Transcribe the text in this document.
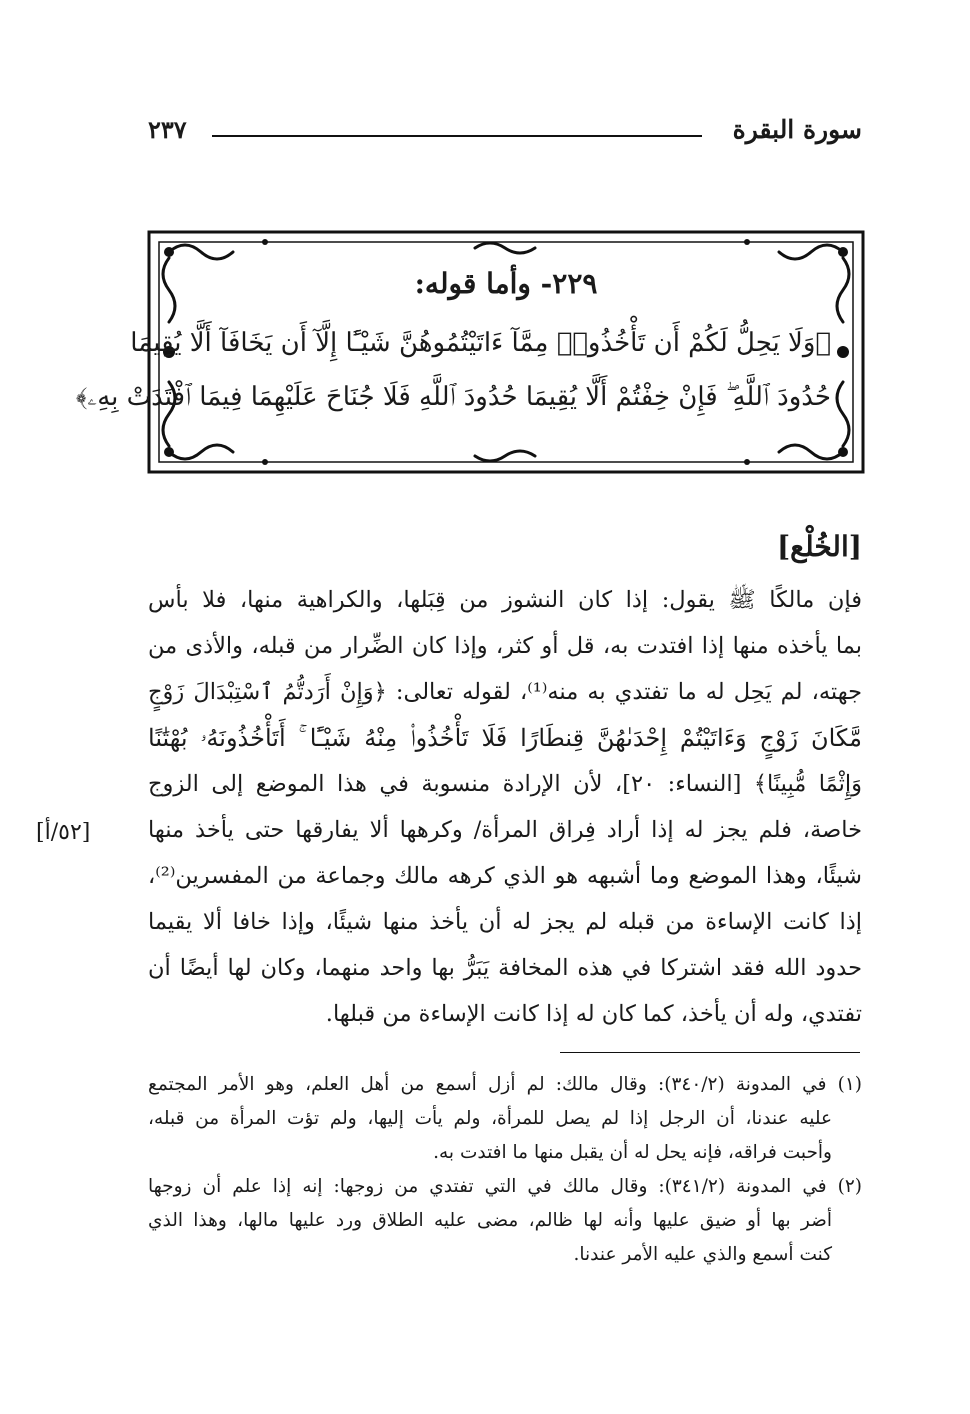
سورة البقرة
٢٣٧
٢٢٩- وأما قوله:
﴿وَلَا يَحِلُّ لَكُمْ أَن تَأْخُذُوا۟ مِمَّآ ءَاتَيْتُمُوهُنَّ شَيْـًٔا إِلَّآ أَن يَخَافَآ أَلَّا يُقِيمَا
حُدُودَ ٱللَّهِ ۖ فَإِنْ خِفْتُمْ أَلَّا يُقِيمَا حُدُودَ ٱللَّهِ فَلَا جُنَاحَ عَلَيْهِمَا فِيمَا ٱفْتَدَتْ بِهِۦ﴾
[الخُلْع]
فإن مالكًا ﷺ يقول: إذا كان النشوز من قِبَلها، والكراهية منها، فلا بأس
بما يأخذه منها إذا افتدت به، قل أو كثر، وإذا كان الضِّرار من قبله، والأذى من
جهته، لم يَحِل له ما تفتدي به منه⁽¹⁾، لقوله تعالى: ﴿وَإِنْ أَرَدتُّمُ ٱسْتِبْدَالَ زَوْجٍ
مَّكَانَ زَوْجٍ وَءَاتَيْتُمْ إِحْدَىٰهُنَّ قِنطَارًا فَلَا تَأْخُذُوا۟ مِنْهُ شَيْـًٔا ۚ أَتَأْخُذُونَهُۥ بُهْتَٰنًا
وَإِثْمًا مُّبِينًا﴾ [النساء: ٢٠]، لأن الإرادة منسوبة في هذا الموضع إلى الزوج
خاصة، فلم يجز له إذا أراد فِراق المرأة/ وكرهها ألا يفارقها حتى يأخذ منها
شيئًا، وهذا الموضع وما أشبهه هو الذي كرهه مالك وجماعة من المفسرين⁽²⁾،
إذا كانت الإساءة من قبله لم يجز له أن يأخذ منها شيئًا، وإذا خافا ألا يقيما
حدود الله فقد اشتركا في هذه المخافة يَبَرُّ بها واحد منهما، وكان لها أيضًا أن
تفتدي، وله أن يأخذ، كما كان له إذا كانت الإساءة من قبلها.
[٥٢/أ]
(١) في المدونة (٣٤٠/٢): وقال مالك: لم أزل أسمع من أهل العلم، وهو الأمر المجتمع
عليه عندنا، أن الرجل إذا لم يصل للمرأة، ولم يأت إليها، ولم تؤت المرأة من قبله،
وأحبت فراقه، فإنه يحل له أن يقبل منها ما افتدت به.
(٢) في المدونة (٣٤١/٢): وقال مالك في التي تفتدي من زوجها: إنه إذا علم أن زوجها
أضر بها أو ضيق عليها وأنه لها ظالم، مضى عليه الطلاق ورد عليها مالها، وهذا الذي
كنت أسمع والذي عليه الأمر عندنا.
